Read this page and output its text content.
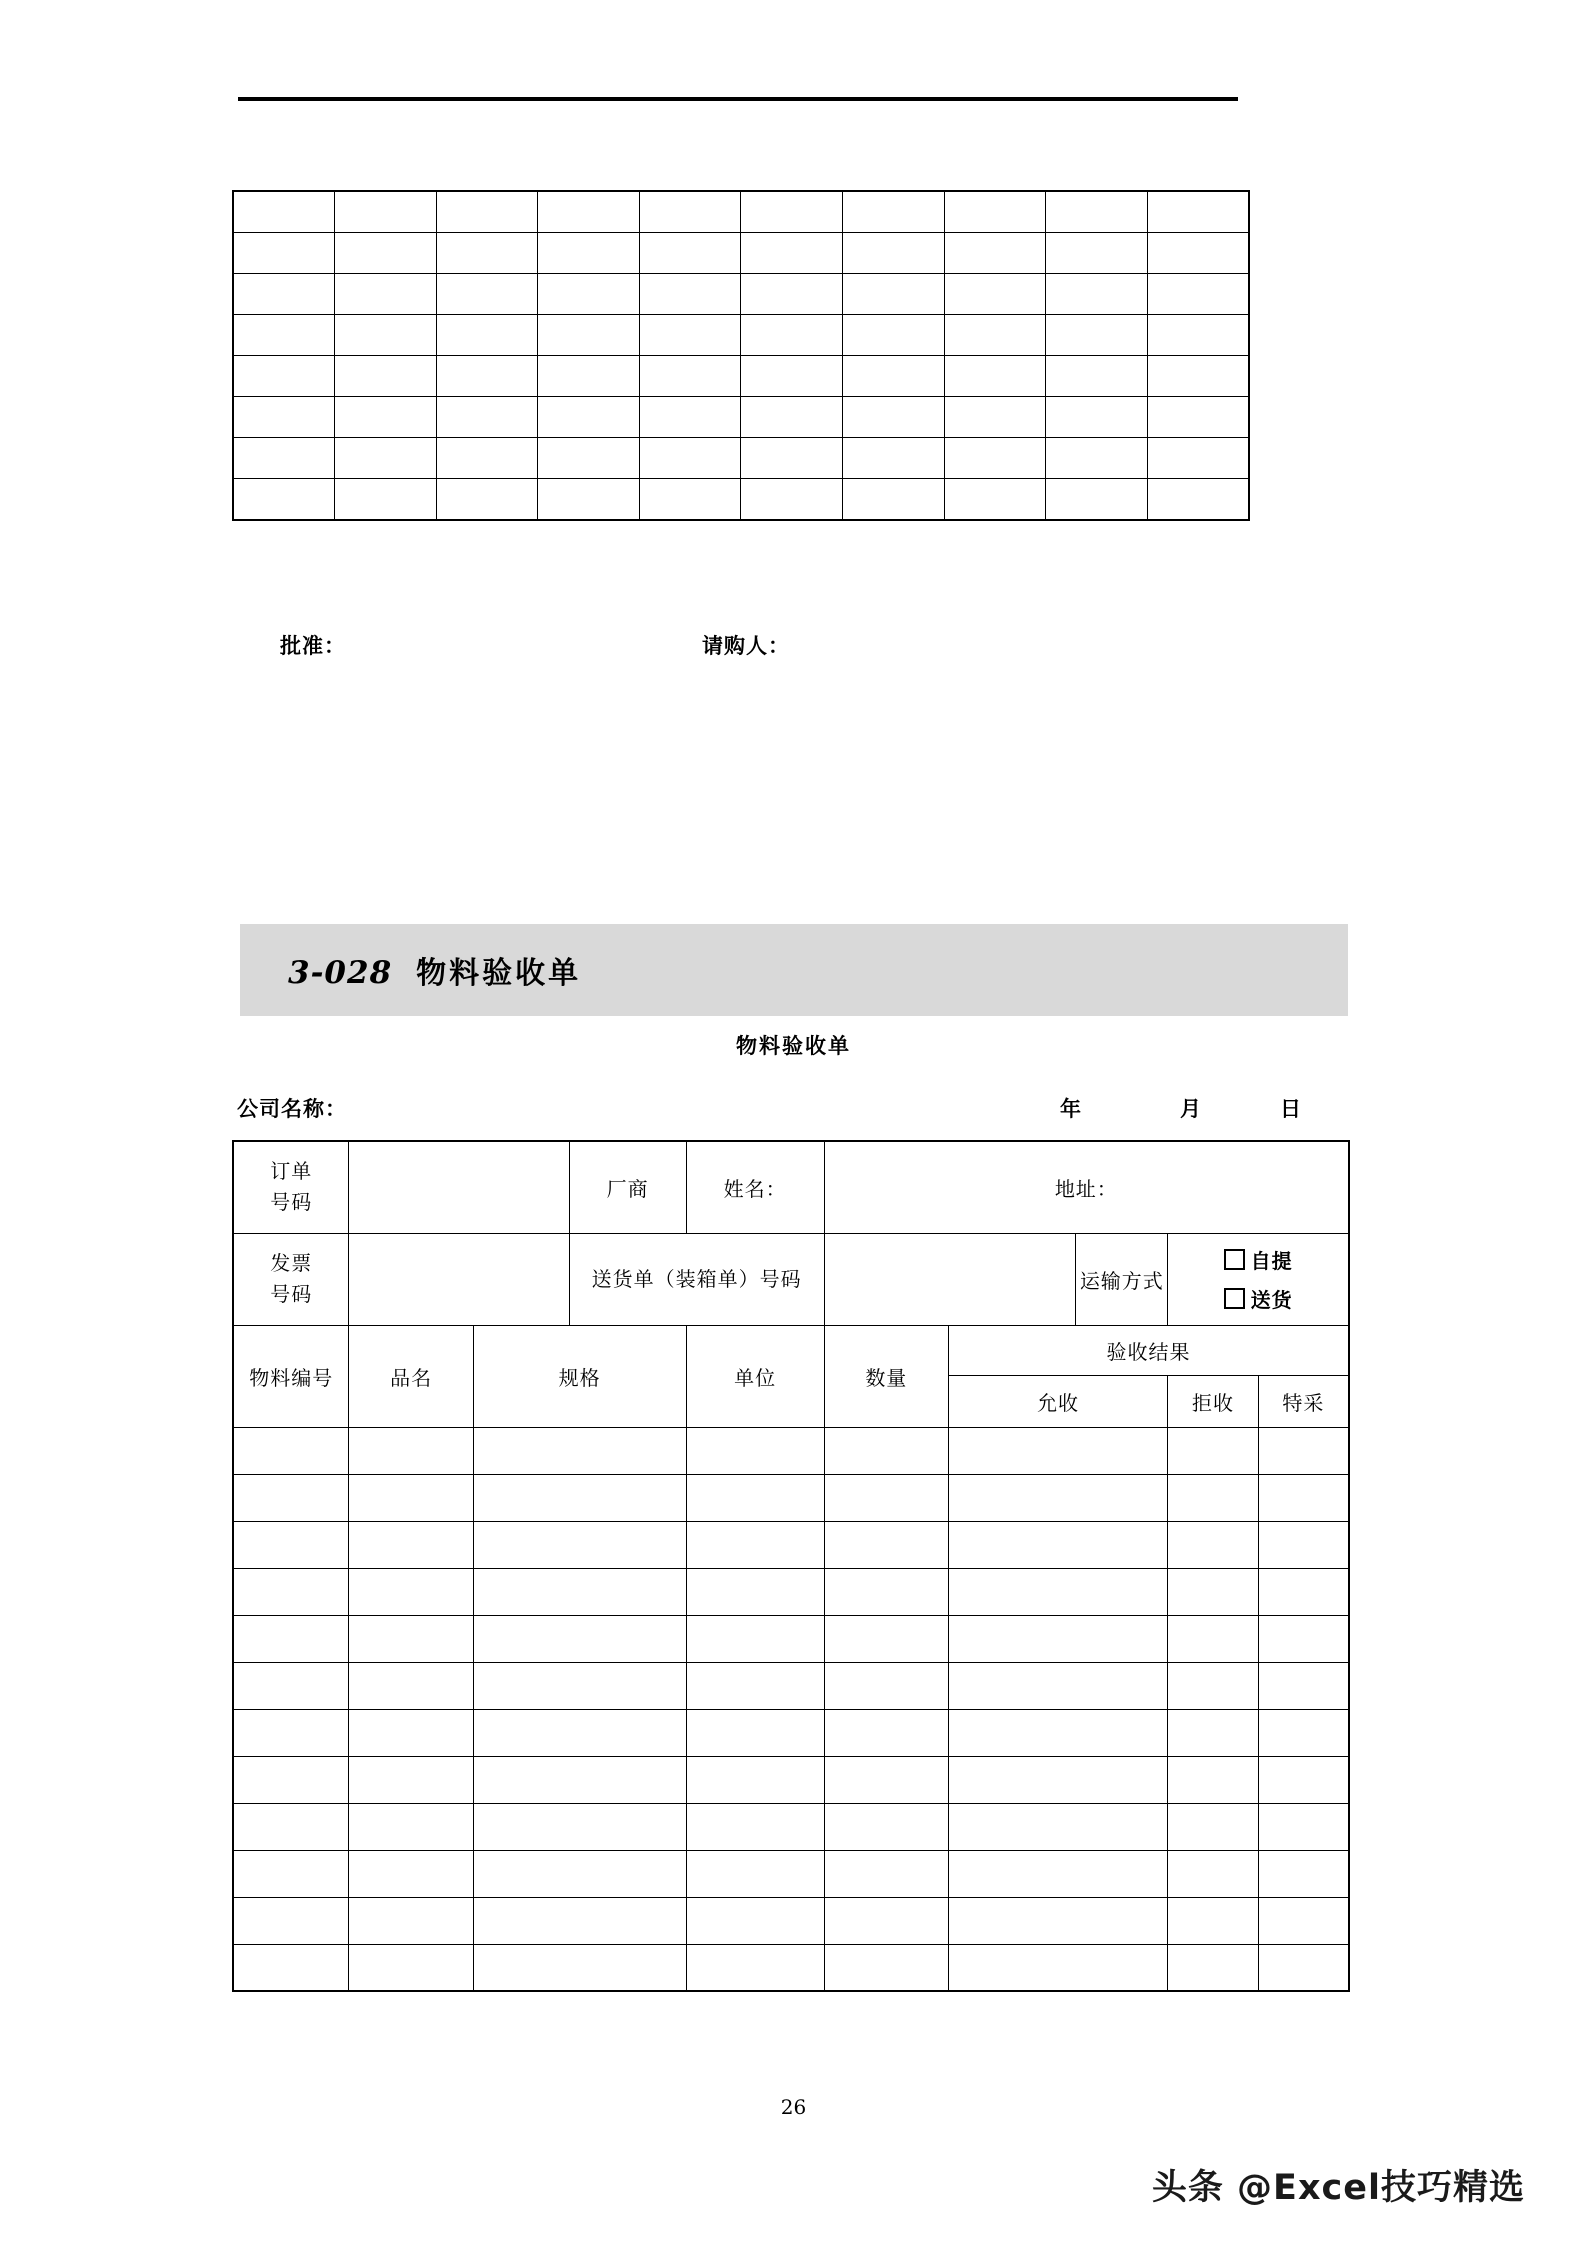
批准：	请购人：
3-028 物料验收单
物料验收单
公司名称：	年	月	日
订单
号码			厂商	姓名：	地址：				

发票
号码			送货单（装箱单）号码				运输方式	自提
送货	

物料编号	品名	规格		单位	数量	验收结果			
						允收		拒收	特采

26
头条 @Excel技巧精选
